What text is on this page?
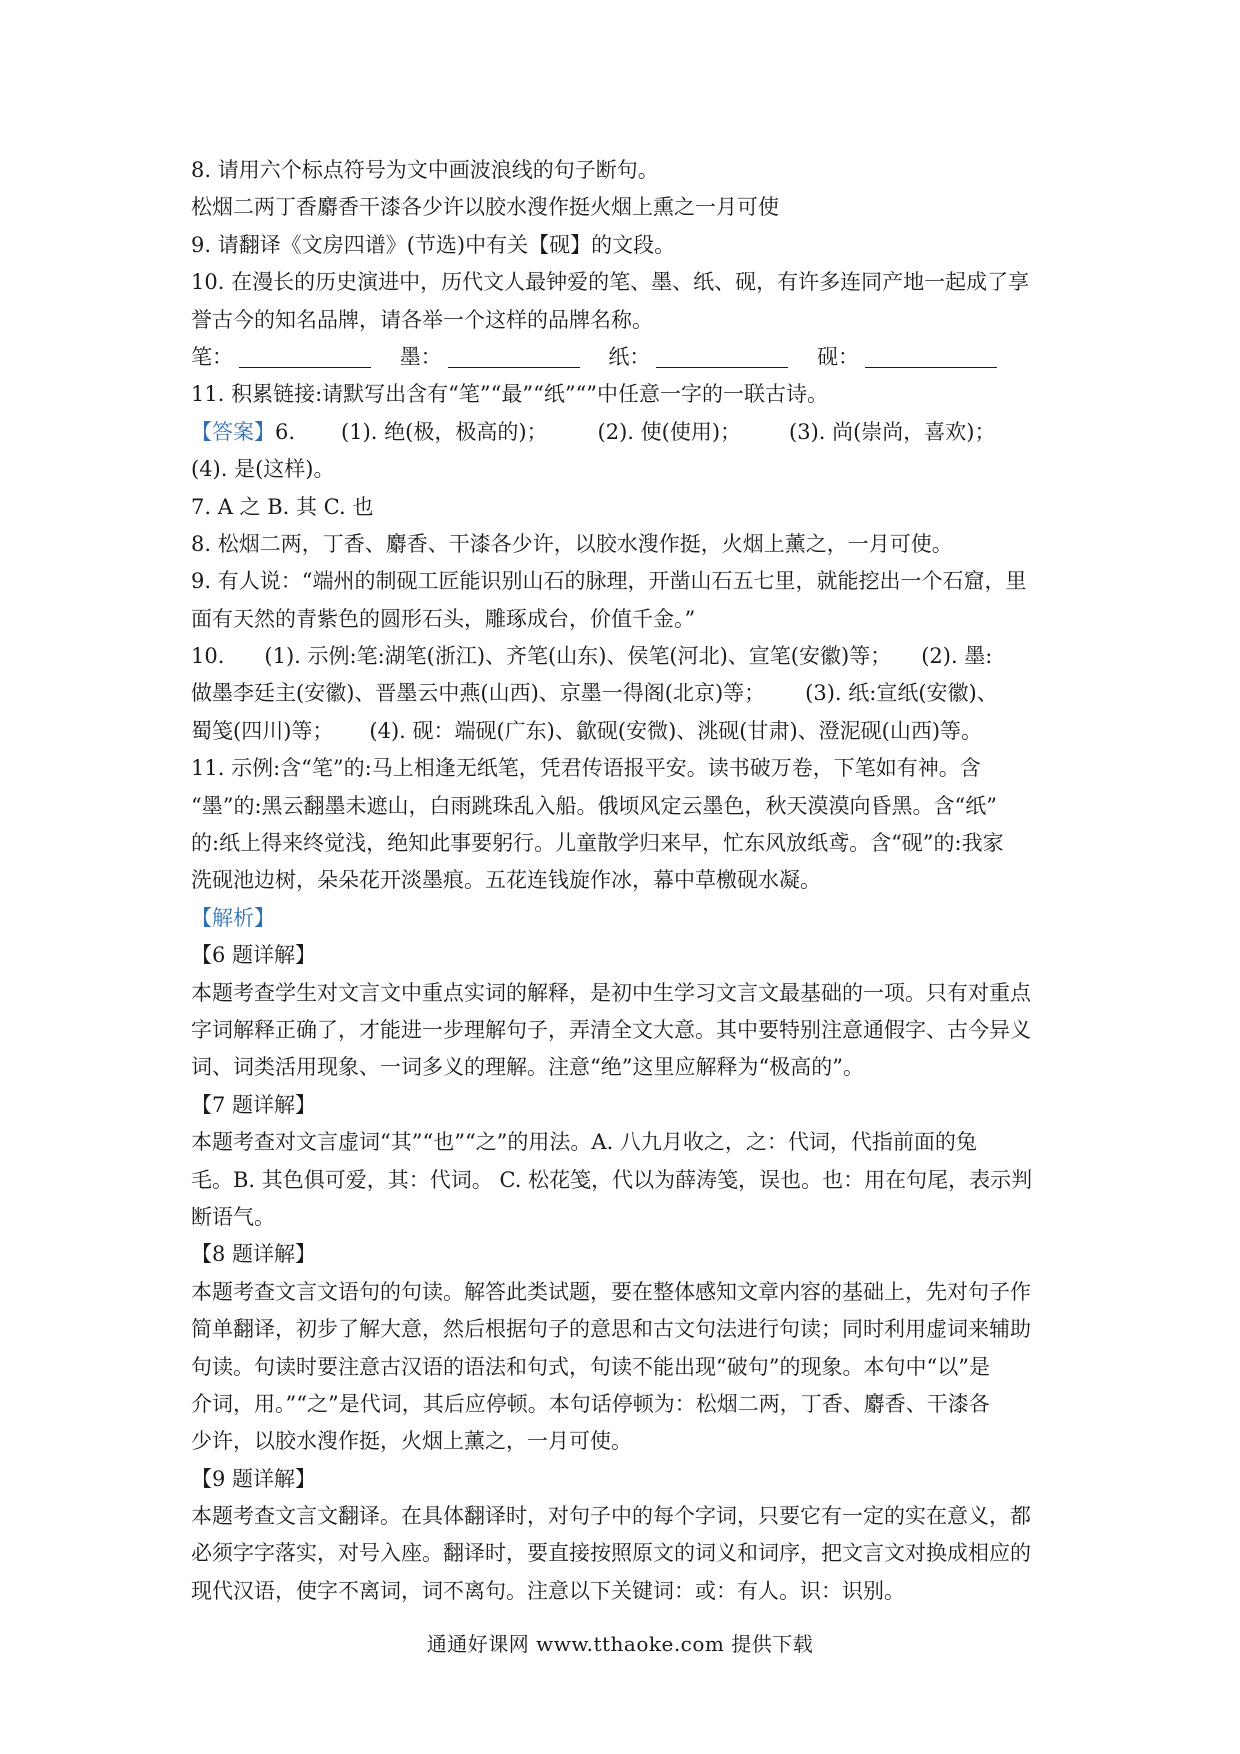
8. 请用六个标点符号为文中画波浪线的句子断句。
松烟二两丁香麝香干漆各少许以胶水溲作挺火烟上熏之一月可使
9. 请翻译《文房四谱》(节选)中有关【砚】的文段。
10. 在漫长的历史演进中，历代文人最钟爱的笔、墨、纸、砚，有许多连同产地一起成了享
誉古今的知名品牌，请各举一个这样的品牌名称。
笔：	墨：	纸：	砚：
11. 积累链接:请默写出含有“笔”“最”“纸”“”中任意一字的一联古诗。
【答案】6. (1). 绝(极，极高的)； (2). 使(使用)； (3). 尚(崇尚，喜欢)；
(4). 是(这样)。
7. A 之 B. 其 C. 也
8. 松烟二两，丁香、麝香、干漆各少许，以胶水溲作挺，火烟上薰之，一月可使。
9. 有人说：“端州的制砚工匠能识别山石的脉理，开凿山石五七里，就能挖出一个石窟，里
面有天然的青紫色的圆形石头，雕琢成台，价值千金。”
10. (1). 示例:笔:湖笔(浙江)、齐笔(山东)、侯笔(河北)、宣笔(安徽)等； (2). 墨:
做墨李廷主(安徽)、晋墨云中燕(山西)、京墨一得阁(北京)等； (3). 纸:宣纸(安徽)、
蜀笺(四川)等； (4). 砚：端砚(广东)、歙砚(安微)、洮砚(甘肃)、澄泥砚(山西)等。
11. 示例:含“笔”的:马上相逢无纸笔，凭君传语报平安。读书破万卷，下笔如有神。含
“墨”的:黑云翻墨未遮山，白雨跳珠乱入船。俄顷风定云墨色，秋天漠漠向昏黑。含“纸”
的:纸上得来终觉浅，绝知此事要躬行。儿童散学归来早，忙东风放纸鸢。含“砚”的:我家
洗砚池边树，朵朵花开淡墨痕。五花连钱旋作冰，幕中草檄砚水凝。
【解析】
【6 题详解】
本题考查学生对文言文中重点实词的解释，是初中生学习文言文最基础的一项。只有对重点
字词解释正确了，才能进一步理解句子，弄清全文大意。其中要特别注意通假字、古今异义
词、词类活用现象、一词多义的理解。注意“绝”这里应解释为“极高的”。
【7 题详解】
本题考查对文言虚词“其”“也”“之”的用法。A. 八九月收之，之：代词，代指前面的兔
毛。B. 其色俱可爱，其：代词。 C. 松花笺，代以为薛涛笺，误也。也：用在句尾，表示判
断语气。
【8 题详解】
本题考查文言文语句的句读。解答此类试题，要在整体感知文章内容的基础上，先对句子作
简单翻译，初步了解大意，然后根据句子的意思和古文句法进行句读；同时利用虚词来辅助
句读。句读时要注意古汉语的语法和句式，句读不能出现“破句”的现象。本句中“以”是
介词，用。”“之”是代词，其后应停顿。本句话停顿为：松烟二两，丁香、麝香、干漆各
少许，以胶水溲作挺，火烟上薰之，一月可使。
【9 题详解】
本题考查文言文翻译。在具体翻译时，对句子中的每个字词，只要它有一定的实在意义，都
必须字字落实，对号入座。翻译时，要直接按照原文的词义和词序，把文言文对换成相应的
现代汉语，使字不离词，词不离句。注意以下关键词：或：有人。识：识别。
通通好课网 www.tthaoke.com 提供下载
